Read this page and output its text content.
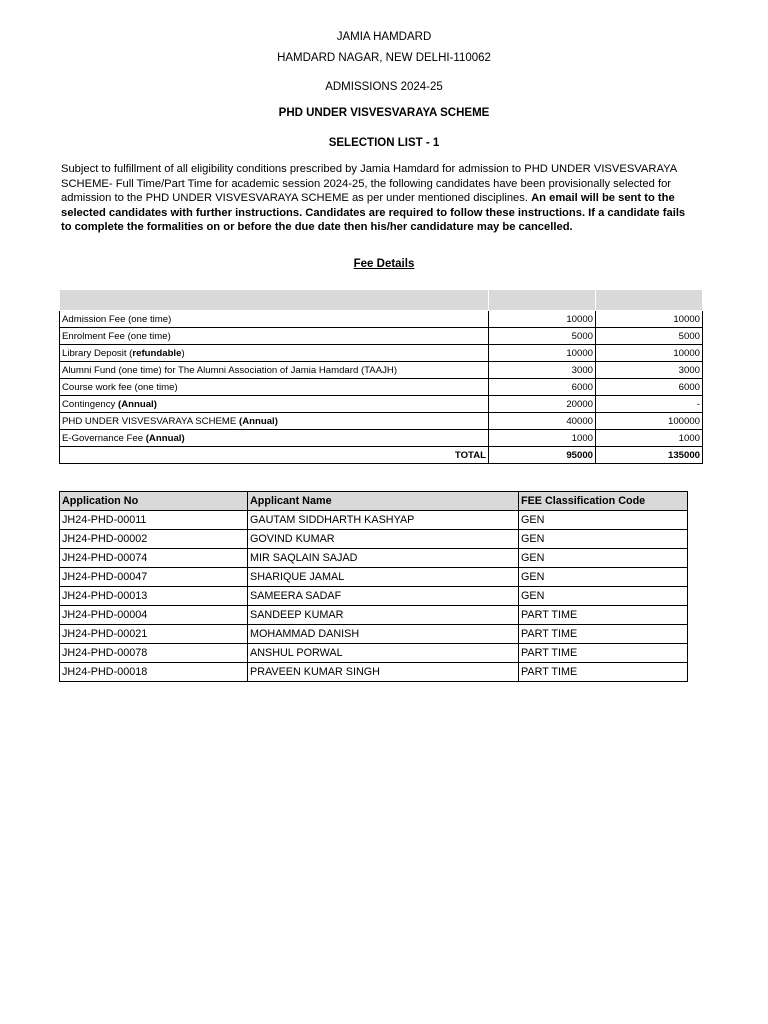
JAMIA HAMDARD
HAMDARD NAGAR, NEW DELHI-110062
ADMISSIONS 2024-25
PHD UNDER VISVESVARAYA SCHEME
SELECTION LIST - 1
Subject to fulfillment of all eligibility conditions prescribed by Jamia Hamdard for admission to PHD UNDER VISVESVARAYA SCHEME- Full Time/Part Time for academic session 2024-25, the following candidates have been provisionally selected for admission to the PHD UNDER VISVESVARAYA SCHEME as per under mentioned disciplines. An email will be sent to the selected candidates with further instructions. Candidates are required to follow these instructions. If a candidate fails to complete the formalities on or before the due date then his/her candidature may be cancelled.
Fee Details

Admission Fee (one time)	10000	10000
Enrolment Fee (one time)	5000	5000
Library Deposit (refundable)	10000	10000
Alumni Fund (one time) for The Alumni Association of Jamia Hamdard (TAAJH)	3000	3000
Course work fee (one time)	6000	6000
Contingency (Annual)	20000	-
PHD UNDER VISVESVARAYA SCHEME (Annual)	40000	100000
E-Governance Fee (Annual)	1000	1000
TOTAL	95000	135000
Application No	Applicant Name	FEE Classification Code
JH24-PHD-00011	GAUTAM SIDDHARTH KASHYAP	GEN
JH24-PHD-00002	GOVIND KUMAR	GEN
JH24-PHD-00074	MIR SAQLAIN SAJAD	GEN
JH24-PHD-00047	SHARIQUE JAMAL	GEN
JH24-PHD-00013	SAMEERA SADAF	GEN
JH24-PHD-00004	SANDEEP KUMAR	PART TIME
JH24-PHD-00021	MOHAMMAD DANISH	PART TIME
JH24-PHD-00078	ANSHUL PORWAL	PART TIME
JH24-PHD-00018	PRAVEEN KUMAR SINGH	PART TIME
